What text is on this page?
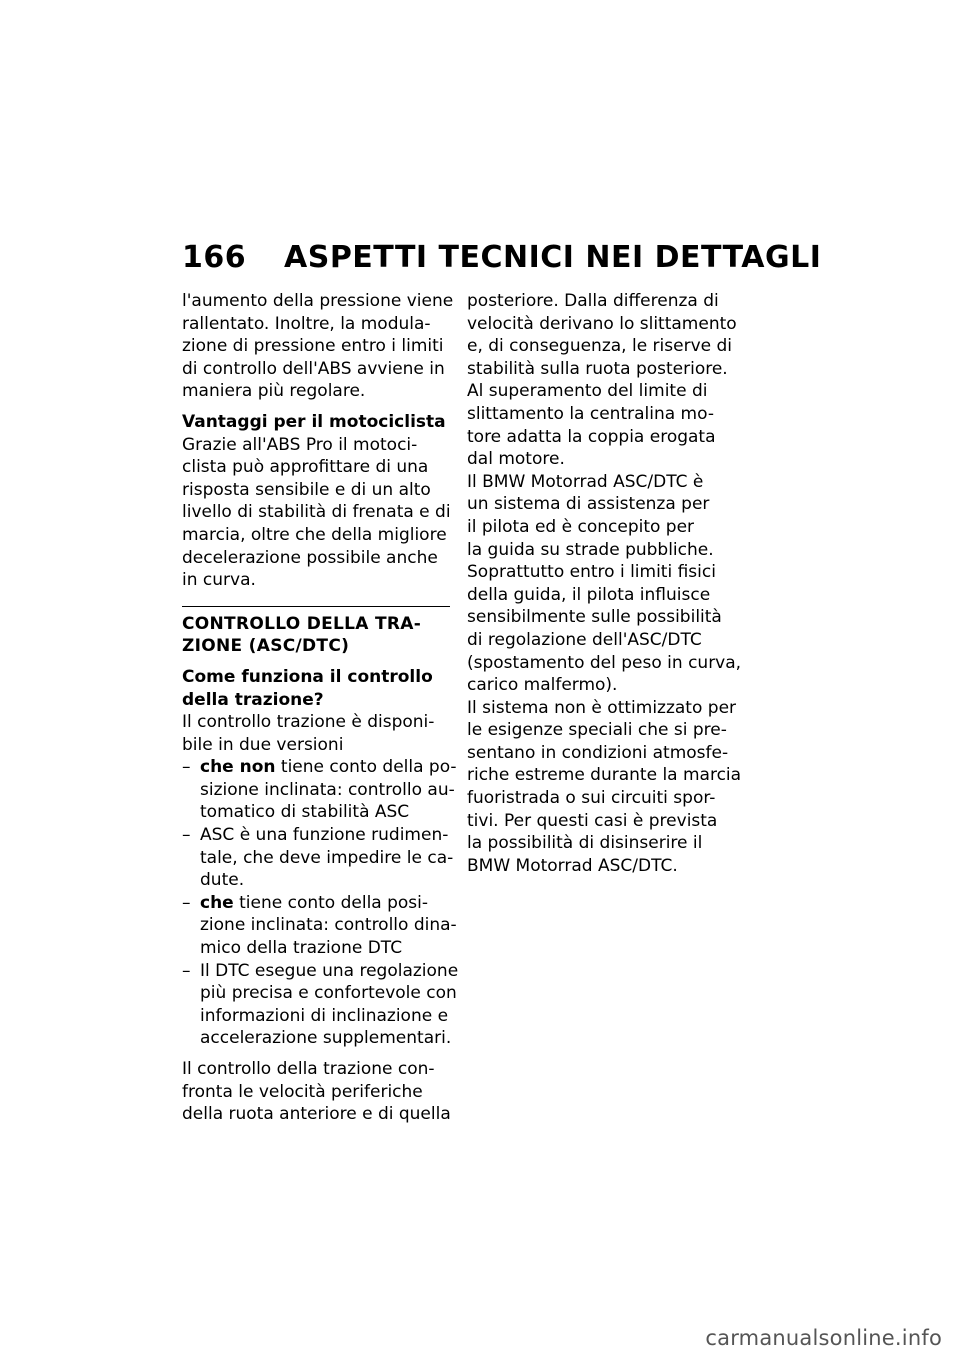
166 ASPETTI TECNICI NEI DETTAGLI
l'aumento della pressione viene
rallentato. Inoltre, la modula-
zione di pressione entro i limiti
di controllo dell'ABS avviene in
maniera più regolare.
Vantaggi per il motociclista
Grazie all'ABS Pro il motoci-
clista può approfittare di una
risposta sensibile e di un alto
livello di stabilità di frenata e di
marcia, oltre che della migliore
decelerazione possibile anche
in curva.
CONTROLLO DELLA TRA-
ZIONE (ASC/DTC)
Come funziona il controllo
della trazione?
Il controllo trazione è disponi-
bile in due versioni
– che non tiene conto della po-
sizione inclinata: controllo au-
tomatico di stabilità ASC
– ASC è una funzione rudimen-
tale, che deve impedire le ca-
dute.
– che tiene conto della posi-
zione inclinata: controllo dina-
mico della trazione DTC
– Il DTC esegue una regolazione
più precisa e confortevole con
informazioni di inclinazione e
accelerazione supplementari.
Il controllo della trazione con-
fronta le velocità periferiche
della ruota anteriore e di quella
posteriore. Dalla differenza di
velocità derivano lo slittamento
e, di conseguenza, le riserve di
stabilità sulla ruota posteriore.
Al superamento del limite di
slittamento la centralina mo-
tore adatta la coppia erogata
dal motore.
Il BMW Motorrad ASC/DTC è
un sistema di assistenza per
il pilota ed è concepito per
la guida su strade pubbliche.
Soprattutto entro i limiti fisici
della guida, il pilota influisce
sensibilmente sulle possibilità
di regolazione dell'ASC/DTC
(spostamento del peso in curva,
carico malfermo).
Il sistema non è ottimizzato per
le esigenze speciali che si pre-
sentano in condizioni atmosfe-
riche estreme durante la marcia
fuoristrada o sui circuiti spor-
tivi. Per questi casi è prevista
la possibilità di disinserire il
BMW Motorrad ASC/DTC.
carmanualsonline.info
